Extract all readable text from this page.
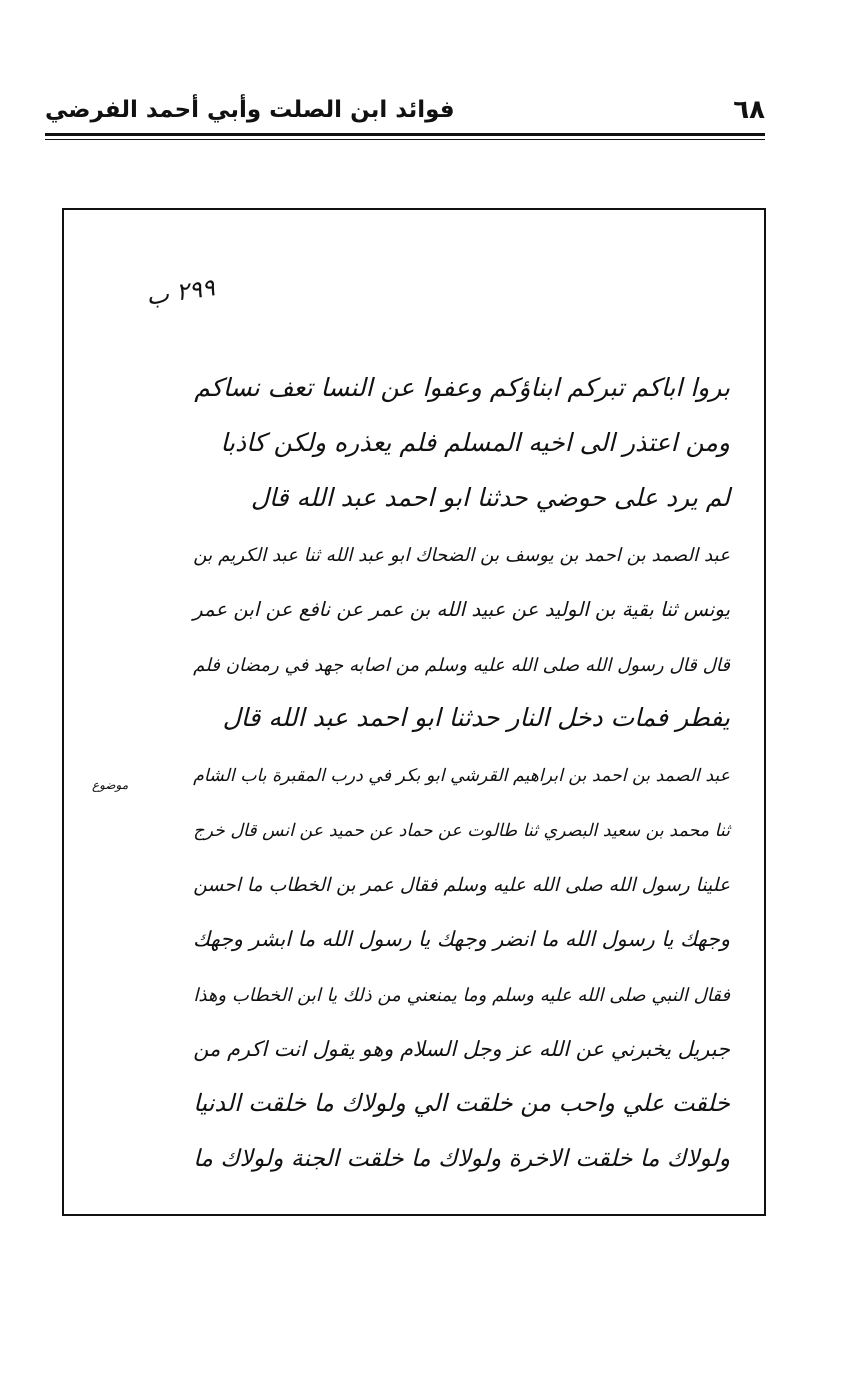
٦٨
فوائد ابن الصلت وأبي أحمد الفرضي
٢٩٩ ب
موضوع
بروا اباكم تبركم ابناؤكم وعفوا عن النسا تعف نساكم
ومن اعتذر الى اخيه المسلم فلم يعذره ولكن كاذبا
لم يرد على حوضي حدثنا ابو احمد عبد الله قال
عبد الصمد بن احمد بن يوسف بن الضحاك ابو عبد الله ثنا عبد الكريم بن
يونس ثنا بقية بن الوليد عن عبيد الله بن عمر عن نافع عن ابن عمر
قال قال رسول الله صلى الله عليه وسلم من اصابه جهد في رمضان فلم
يفطر فمات دخل النار حدثنا ابو احمد عبد الله قال
عبد الصمد بن احمد بن ابراهيم القرشي ابو بكر في درب المقبرة باب الشام
ثنا محمد بن سعيد البصري ثنا طالوت عن حماد عن حميد عن انس قال خرج
علينا رسول الله صلى الله عليه وسلم فقال عمر بن الخطاب ما احسن
وجهك يا رسول الله ما انضر وجهك يا رسول الله ما ابشر وجهك
فقال النبي صلى الله عليه وسلم وما يمنعني من ذلك يا ابن الخطاب وهذا
جبريل يخبرني عن الله عز وجل السلام وهو يقول انت اكرم من
خلقت علي واحب من خلقت الي ولولاك ما خلقت الدنيا
ولولاك ما خلقت الاخرة ولولاك ما خلقت الجنة ولولاك ما
